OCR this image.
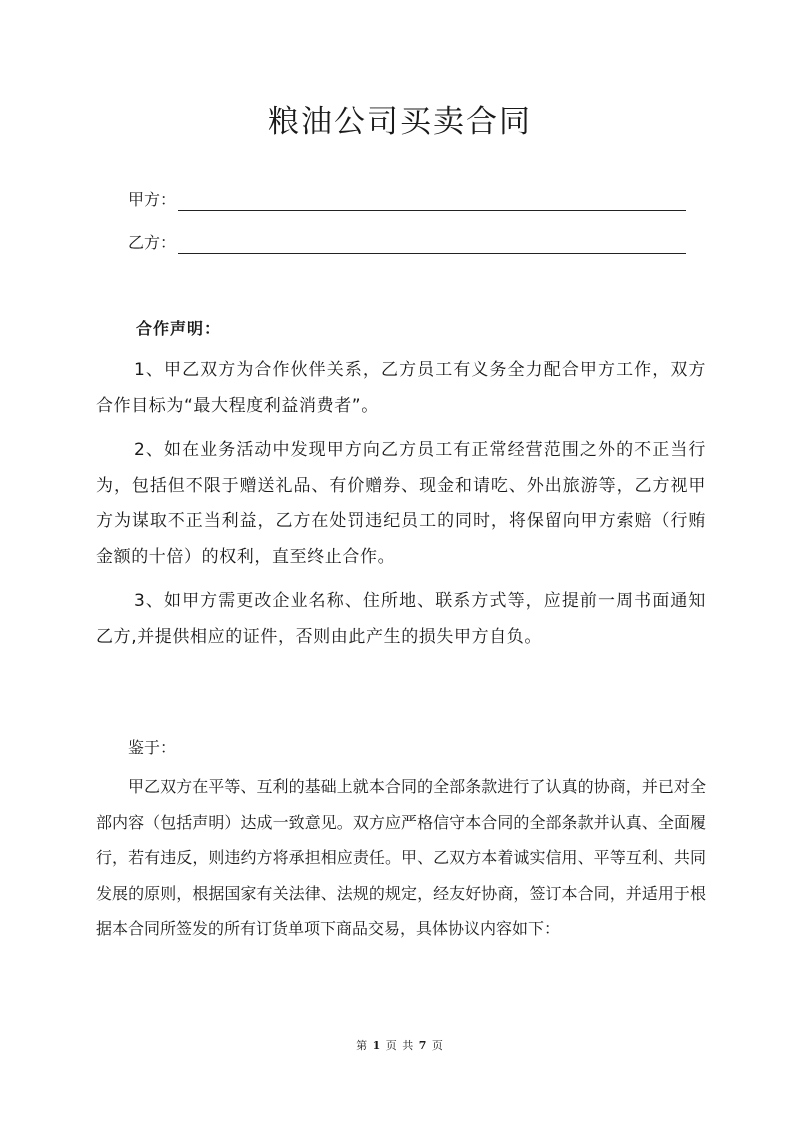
粮油公司买卖合同
甲方：
乙方：
合作声明：

1、甲乙双方为合作伙伴关系，乙方员工有义务全力配合甲方工作，双方合作目标为“最大程度利益消费者”。

2、如在业务活动中发现甲方向乙方员工有正常经营范围之外的不正当行为，包括但不限于赠送礼品、有价赠券、现金和请吃、外出旅游等，乙方视甲方为谋取不正当利益，乙方在处罚违纪员工的同时，将保留向甲方索赔（行贿金额的十倍）的权利，直至终止合作。

3、如甲方需更改企业名称、住所地、联系方式等，应提前一周书面通知乙方,并提供相应的证件，否则由此产生的损失甲方自负。

鉴于：

甲乙双方在平等、互利的基础上就本合同的全部条款进行了认真的协商，并已对全部内容（包括声明）达成一致意见。双方应严格信守本合同的全部条款并认真、全面履行，若有违反，则违约方将承担相应责任。甲、乙双方本着诚实信用、平等互利、共同发展的原则，根据国家有关法律、法规的规定，经友好协商，签订本合同，并适用于根据本合同所签发的所有订货单项下商品交易，具体协议内容如下：

第 1 页 共 7 页
